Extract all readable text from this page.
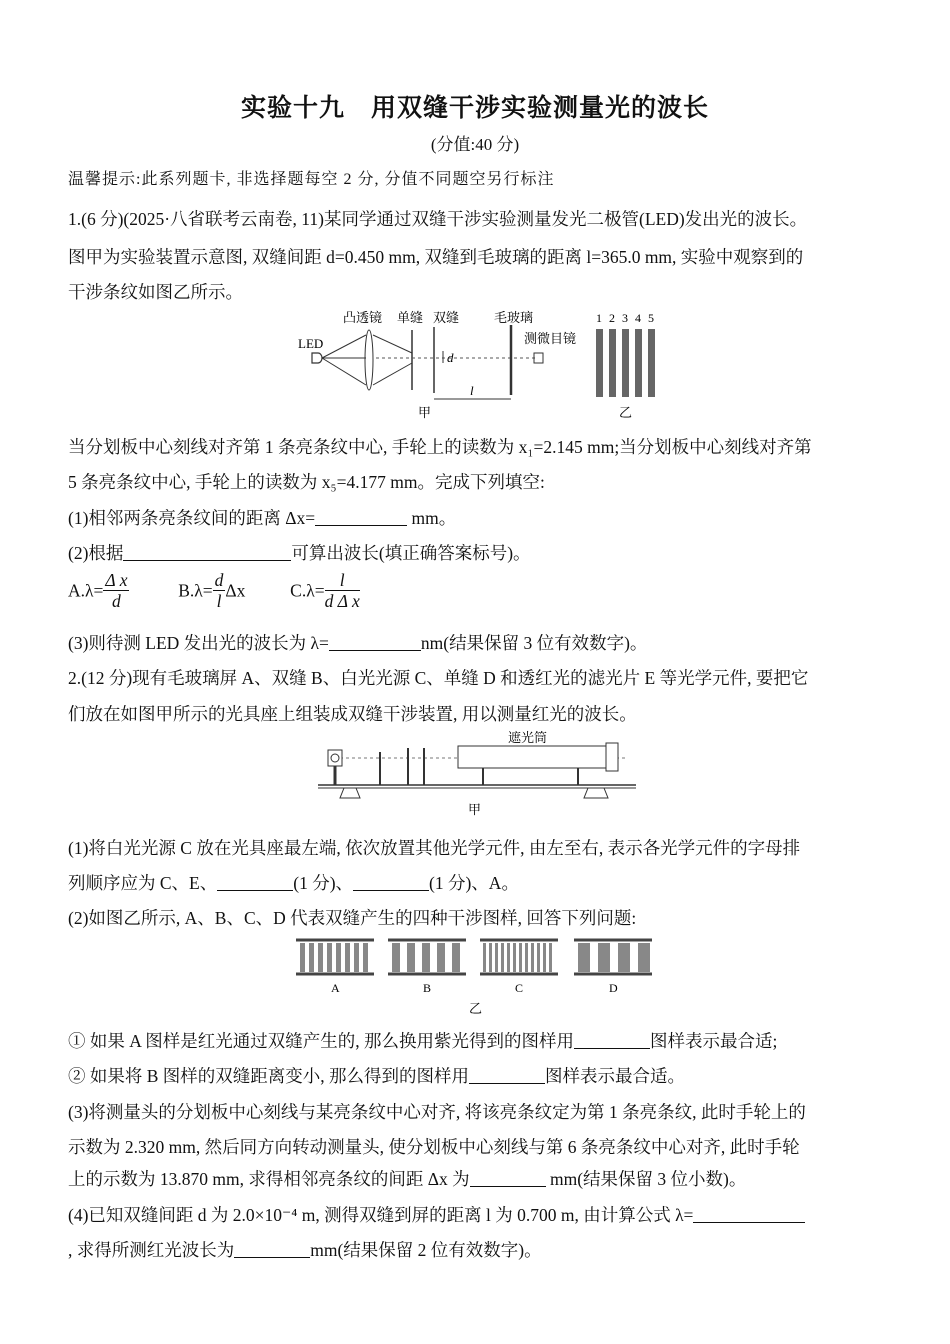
实验十九　用双缝干涉实验测量光的波长
(分值:40 分)
温馨提示:此系列题卡, 非选择题每空 2 分, 分值不同题空另行标注
1.(6 分)(2025·八省联考云南卷, 11)某同学通过双缝干涉实验测量发光二极管(LED)发出光的波长。
图甲为实验装置示意图, 双缝间距 d=0.450 mm, 双缝到毛玻璃的距离 l=365.0 mm, 实验中观察到的
干涉条纹如图乙所示。
LED
d
l
凸透镜 单缝 双缝	毛玻璃
测微目镜
甲
1 2 3 4 5
乙
当分划板中心刻线对齐第 1 条亮条纹中心, 手轮上的读数为 x₁=2.145 mm;当分划板中心刻线对齐第
5 条亮条纹中心, 手轮上的读数为 x₅=4.177 mm。完成下列填空:
(1)相邻两条亮条纹间的距离 Δx=	mm。
(2)根据	可算出波长(填正确答案标号)。
$A.\lambda= \frac{\text{Δ x}}{d}$	$B.\lambda= \frac{d}{l}$ Δx	$C.\lambda= \frac{l}{\text{d Δ x}}$
(3)则待测 LED 发出光的波长为 λ=	nm(结果保留 3 位有效数字)。
2.(12 分)现有毛玻璃屏 A、双缝 B、白光光源 C、单缝 D 和透红光的滤光片 E 等光学元件, 要把它
们放在如图甲所示的光具座上组装成双缝干涉装置, 用以测量红光的波长。
遮光筒
甲
(1)将白光光源 C 放在光具座最左端, 依次放置其他光学元件, 由左至右, 表示各光学元件的字母排
列顺序应为 C、E、	(1 分)、	(1 分)、A。
(2)如图乙所示, A、B、C、D 代表双缝产生的四种干涉图样, 回答下列问题:
A	B	C	D
乙
① 如果 A 图样是红光通过双缝产生的, 那么换用紫光得到的图样用	图样表示最合适;
② 如果将 B 图样的双缝距离变小, 那么得到的图样用	图样表示最合适。
(3)将测量头的分划板中心刻线与某亮条纹中心对齐, 将该亮条纹定为第 1 条亮条纹, 此时手轮上的
示数为 2.320 mm, 然后同方向转动测量头, 使分划板中心刻线与第 6 条亮条纹中心对齐, 此时手轮
上的示数为 13.870 mm, 求得相邻亮条纹的间距 Δx 为	mm(结果保留 3 位小数)。
(4)已知双缝间距 d 为 2.0×10⁻⁴ m, 测得双缝到屏的距离 l 为 0.700 m, 由计算公式 λ=
, 求得所测红光波长为	mm(结果保留 2 位有效数字)。
